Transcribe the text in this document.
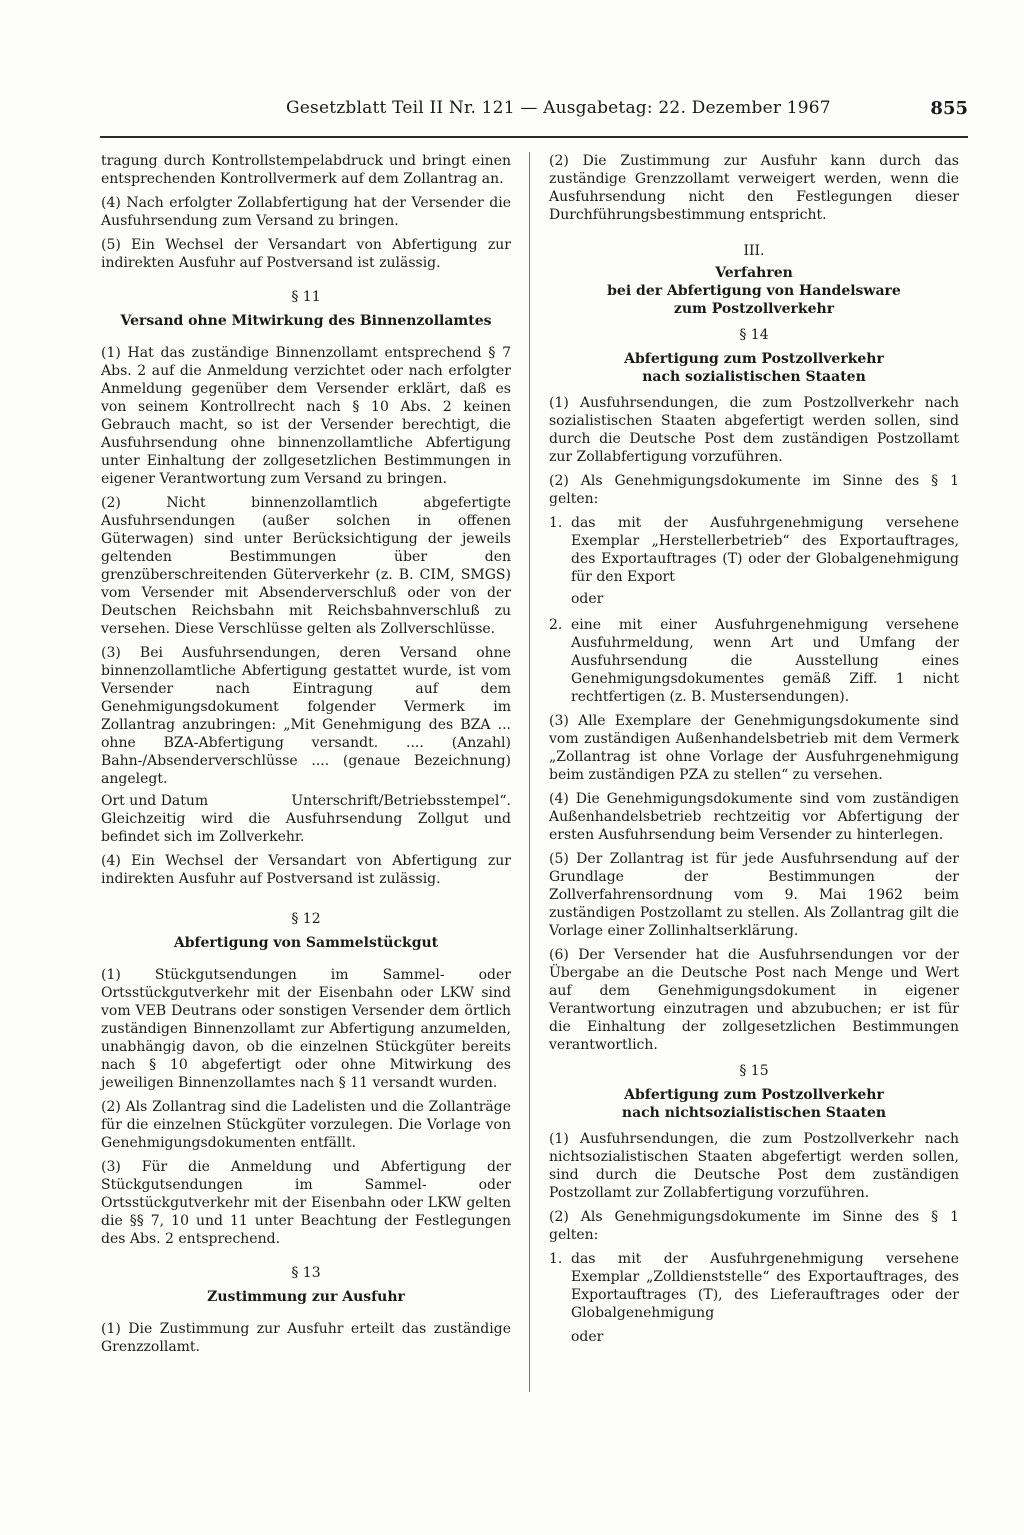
Gesetzblatt Teil II Nr. 121 — Ausgabetag: 22. Dezember 1967	855

tragung durch Kontrollstempelabdruck und bringt einen entsprechenden Kontrollvermerk auf dem Zollantrag an.

(4) Nach erfolgter Zollabfertigung hat der Versender die Ausfuhrsendung zum Versand zu bringen.

(5) Ein Wechsel der Versandart von Abfertigung zur indirekten Ausfuhr auf Postversand ist zulässig.

§ 11
Versand ohne Mitwirkung des Binnenzollamtes

(1) Hat das zuständige Binnenzollamt entsprechend § 7 Abs. 2 auf die Anmeldung verzichtet oder nach erfolgter Anmeldung gegenüber dem Versender erklärt, daß es von seinem Kontrollrecht nach § 10 Abs. 2 keinen Gebrauch macht, so ist der Versender berechtigt, die Ausfuhrsendung ohne binnenzollamtliche Abfertigung unter Einhaltung der zollgesetzlichen Bestimmungen in eigener Verantwortung zum Versand zu bringen.

(2) Nicht binnenzollamtlich abgefertigte Ausfuhrsendungen (außer solchen in offenen Güterwagen) sind unter Berücksichtigung der jeweils geltenden Bestimmungen über den grenzüberschreitenden Güterverkehr (z. B. CIM, SMGS) vom Versender mit Absenderverschluß oder von der Deutschen Reichsbahn mit Reichsbahnverschluß zu versehen. Diese Verschlüsse gelten als Zollverschlüsse.

(3) Bei Ausfuhrsendungen, deren Versand ohne binnenzollamtliche Abfertigung gestattet wurde, ist vom Versender nach Eintragung auf dem Genehmigungsdokument folgender Vermerk im Zollantrag anzubringen: „Mit Genehmigung des BZA ... ohne BZA-Abfertigung versandt. .... (Anzahl) Bahn-/Absenderverschlüsse .... (genaue Bezeichnung) angelegt.

Ort und Datum	Unterschrift/Betriebsstempel“.

Gleichzeitig wird die Ausfuhrsendung Zollgut und befindet sich im Zollverkehr.

(4) Ein Wechsel der Versandart von Abfertigung zur indirekten Ausfuhr auf Postversand ist zulässig.

§ 12
Abfertigung von Sammelstückgut

(1) Stückgutsendungen im Sammel- oder Ortsstückgutverkehr mit der Eisenbahn oder LKW sind vom VEB Deutrans oder sonstigen Versender dem örtlich zuständigen Binnenzollamt zur Abfertigung anzumelden, unabhängig davon, ob die einzelnen Stückgüter bereits nach § 10 abgefertigt oder ohne Mitwirkung des jeweiligen Binnenzollamtes nach § 11 versandt wurden.

(2) Als Zollantrag sind die Ladelisten und die Zollanträge für die einzelnen Stückgüter vorzulegen. Die Vorlage von Genehmigungsdokumenten entfällt.

(3) Für die Anmeldung und Abfertigung der Stückgutsendungen im Sammel- oder Ortsstückgutverkehr mit der Eisenbahn oder LKW gelten die §§ 7, 10 und 11 unter Beachtung der Festlegungen des Abs. 2 entsprechend.

§ 13
Zustimmung zur Ausfuhr

(1) Die Zustimmung zur Ausfuhr erteilt das zuständige Grenzzollamt.

(2) Die Zustimmung zur Ausfuhr kann durch das zuständige Grenzzollamt verweigert werden, wenn die Ausfuhrsendung nicht den Festlegungen dieser Durchführungsbestimmung entspricht.

III.
Verfahren
bei der Abfertigung von Handelsware
zum Postzollverkehr
§ 14
Abfertigung zum Postzollverkehr
nach sozialistischen Staaten

(1) Ausfuhrsendungen, die zum Postzollverkehr nach sozialistischen Staaten abgefertigt werden sollen, sind durch die Deutsche Post dem zuständigen Postzollamt zur Zollabfertigung vorzuführen.

(2) Als Genehmigungsdokumente im Sinne des § 1 gelten:

1. das mit der Ausfuhrgenehmigung versehene Exemplar „Herstellerbetrieb“ des Exportauftrages, des Exportauftrages (T) oder der Globalgenehmigung für den Export
oder
2. eine mit einer Ausfuhrgenehmigung versehene Ausfuhrmeldung, wenn Art und Umfang der Ausfuhrsendung die Ausstellung eines Genehmigungsdokumentes gemäß Ziff. 1 nicht rechtfertigen (z. B. Mustersendungen).

(3) Alle Exemplare der Genehmigungsdokumente sind vom zuständigen Außenhandelsbetrieb mit dem Vermerk „Zollantrag ist ohne Vorlage der Ausfuhrgenehmigung beim zuständigen PZA zu stellen“ zu versehen.

(4) Die Genehmigungsdokumente sind vom zuständigen Außenhandelsbetrieb rechtzeitig vor Abfertigung der ersten Ausfuhrsendung beim Versender zu hinterlegen.

(5) Der Zollantrag ist für jede Ausfuhrsendung auf der Grundlage der Bestimmungen der Zollverfahrensordnung vom 9. Mai 1962 beim zuständigen Postzollamt zu stellen. Als Zollantrag gilt die Vorlage einer Zollinhaltserklärung.

(6) Der Versender hat die Ausfuhrsendungen vor der Übergabe an die Deutsche Post nach Menge und Wert auf dem Genehmigungsdokument in eigener Verantwortung einzutragen und abzubuchen; er ist für die Einhaltung der zollgesetzlichen Bestimmungen verantwortlich.

§ 15
Abfertigung zum Postzollverkehr
nach nichtsozialistischen Staaten

(1) Ausfuhrsendungen, die zum Postzollverkehr nach nichtsozialistischen Staaten abgefertigt werden sollen, sind durch die Deutsche Post dem zuständigen Postzollamt zur Zollabfertigung vorzuführen.

(2) Als Genehmigungsdokumente im Sinne des § 1 gelten:

1. das mit der Ausfuhrgenehmigung versehene Exemplar „Zolldienststelle“ des Exportauftrages, des Exportauftrages (T), des Lieferauftrages oder der Globalgenehmigung
oder
